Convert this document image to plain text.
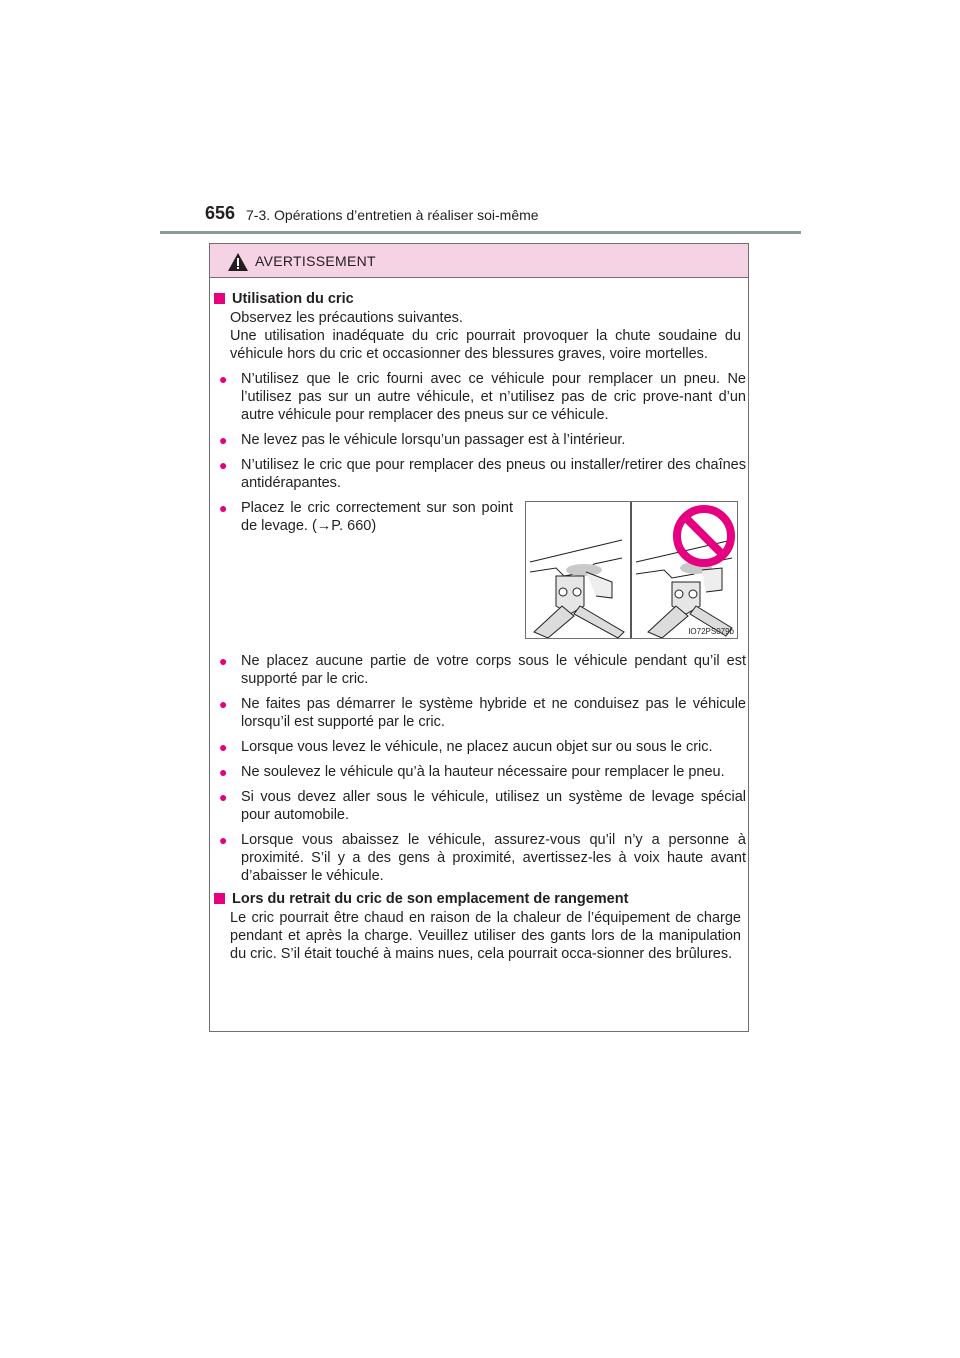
656 7-3. Opérations d’entretien à réaliser soi-même
AVERTISSEMENT
Utilisation du cric

Observez les précautions suivantes.

Une utilisation inadéquate du cric pourrait provoquer la chute soudaine du véhicule hors du cric et occasionner des blessures graves, voire mortelles.

● N’utilisez que le cric fourni avec ce véhicule pour remplacer un pneu. Ne l’utilisez pas sur un autre véhicule, et n’utilisez pas de cric prove-nant d’un autre véhicule pour remplacer des pneus sur ce véhicule.
● Ne levez pas le véhicule lorsqu’un passager est à l’intérieur.
● N’utilisez le cric que pour remplacer des pneus ou installer/retirer des chaînes antidérapantes.
● Placez le cric correctement sur son point de levage. (→P. 660)
IO72PS079b
● Ne placez aucune partie de votre corps sous le véhicule pendant qu’il est supporté par le cric.
● Ne faites pas démarrer le système hybride et ne conduisez pas le véhicule lorsqu’il est supporté par le cric.
● Lorsque vous levez le véhicule, ne placez aucun objet sur ou sous le cric.
● Ne soulevez le véhicule qu’à la hauteur nécessaire pour remplacer le pneu.
● Si vous devez aller sous le véhicule, utilisez un système de levage spécial pour automobile.
● Lorsque vous abaissez le véhicule, assurez-vous qu’il n’y a personne à proximité. S’il y a des gens à proximité, avertissez-les à voix haute avant d’abaisser le véhicule.
Lors du retrait du cric de son emplacement de rangement

Le cric pourrait être chaud en raison de la chaleur de l’équipement de charge pendant et après la charge. Veuillez utiliser des gants lors de la manipulation du cric. S’il était touché à mains nues, cela pourrait occa-sionner des brûlures.
